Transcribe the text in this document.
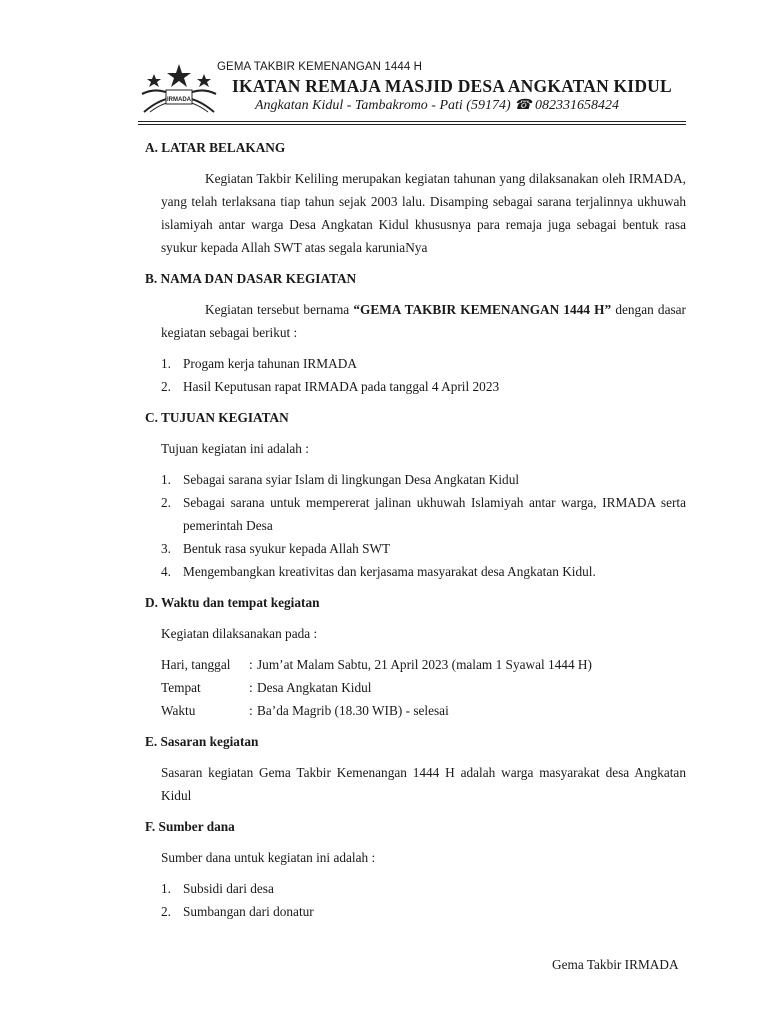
IRMADA
GEMA TAKBIR KEMENANGAN 1444 H
IKATAN REMAJA MASJID DESA ANGKATAN KIDUL
Angkatan Kidul - Tambakromo - Pati (59174) ☎ 082331658424
A. LATAR BELAKANG
Kegiatan Takbir Keliling merupakan kegiatan tahunan yang dilaksanakan oleh IRMADA, yang telah terlaksana tiap tahun sejak 2003 lalu. Disamping sebagai sarana terjalinnya ukhuwah islamiyah antar warga Desa Angkatan Kidul khususnya para remaja juga sebagai bentuk rasa syukur kepada Allah SWT atas segala karuniaNya
B. NAMA DAN DASAR KEGIATAN
Kegiatan tersebut bernama “GEMA TAKBIR KEMENANGAN 1444 H” dengan dasar kegiatan sebagai berikut :
1. Progam kerja tahunan IRMADA
2. Hasil Keputusan rapat IRMADA pada tanggal 4 April 2023
C. TUJUAN KEGIATAN
Tujuan kegiatan ini adalah :
1. Sebagai sarana syiar Islam di lingkungan Desa Angkatan Kidul
2. Sebagai sarana untuk mempererat jalinan ukhuwah Islamiyah antar warga, IRMADA serta pemerintah Desa
3. Bentuk rasa syukur kepada Allah SWT
4. Mengembangkan kreativitas dan kerjasama masyarakat desa Angkatan Kidul.
D. Waktu dan tempat kegiatan
Kegiatan dilaksanakan pada :
Hari, tanggal	: Jum’at Malam Sabtu, 21 April 2023 (malam 1 Syawal 1444 H)
Tempat	: Desa Angkatan Kidul
Waktu	: Ba’da Magrib (18.30 WIB) - selesai
E. Sasaran kegiatan
Sasaran kegiatan Gema Takbir Kemenangan 1444 H adalah warga masyarakat desa Angkatan Kidul
F. Sumber dana
Sumber dana untuk kegiatan ini adalah :
1. Subsidi dari desa
2. Sumbangan dari donatur
Gema Takbir IRMADA
